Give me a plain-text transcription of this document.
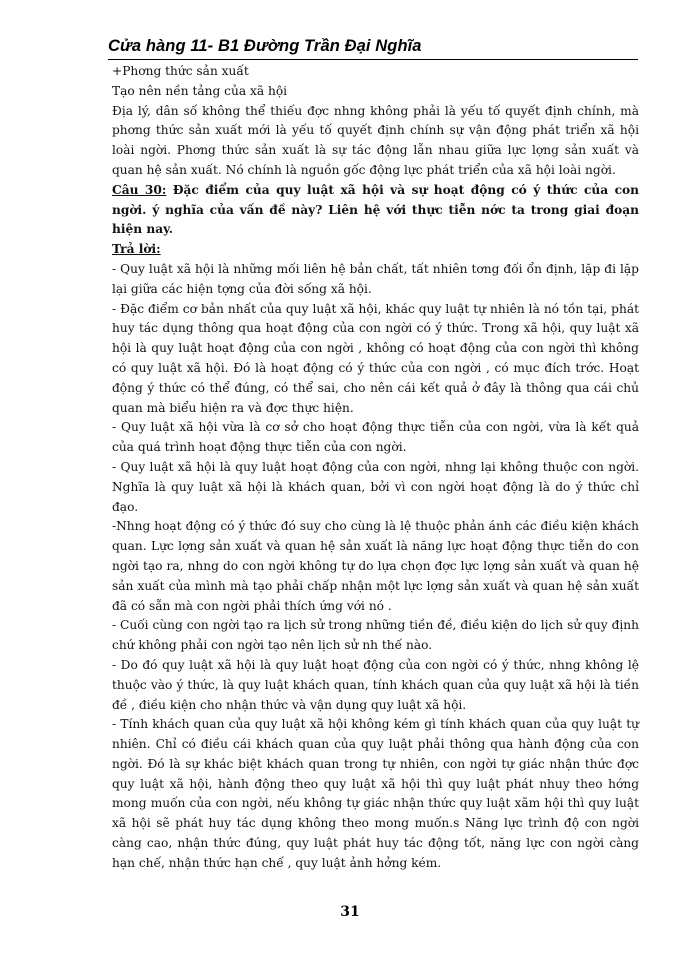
Cửa hàng 11- B1 Đường Trần Đại Nghĩa

+Phơng thức sản xuất

Tạo nên nền tảng của xã hội

Địa lý, dân số không thể thiếu đợc nhng không phải là yếu tố quyết định chính, mà phơng thức sản xuất mới là yếu tố quyết định chính sự vận động phát triển xã hội loài ngời. Phơng thức sản xuất là sự tác động lẫn nhau giữa lực lợng sản xuất và quan hệ sản xuất. Nó chính là nguồn gốc động lực phát triển của xã hội loài ngời.

Câu 30: Đặc điểm của quy luật xã hội và sự hoạt động có ý thức của con ngời. ý nghĩa của vấn đề này? Liên hệ với thực tiễn nớc ta trong giai đoạn hiện nay.

Trả lời:

- Quy luật xã hội là những mối liên hệ bản chất, tất nhiên tơng đối ổn định, lặp đi lặp lại giữa các hiện tợng của đời sống xã hội.

- Đặc điểm cơ bản nhất của quy luật xã hội, khác quy luật tự nhiên là nó tồn tại, phát huy tác dụng thông qua hoạt động của con ngời có ý thức. Trong xã hội, quy luật xã hội là quy luật hoạt động của con ngời , không có hoạt động của con ngời thì không có quy luật xã hội. Đó là hoạt động có ý thức của con ngời , có mục đích trớc. Hoạt động ý thức có thể đúng, có thể sai, cho nên cái kết quả ở đây là thông qua cái chủ quan mà biểu hiện ra và đợc thực hiện.

- Quy luật xã hội vừa là cơ sở cho hoạt động thực tiễn của con ngời, vừa là kết quả của quá trình hoạt động thực tiễn của con ngời.

- Quy luật xã hội là quy luật hoạt động của con ngời, nhng lại không thuộc con ngời. Nghĩa là quy luật xã hội là khách quan, bởi vì con ngời hoạt động là do ý thức chỉ đạo.

-Nhng hoạt động có ý thức đó suy cho cùng là lệ thuộc phản ánh các điều kiện khách quan. Lực lợng sản xuất và quan hệ sản xuất là năng lực hoạt động thực tiễn do con ngời tạo ra, nhng do con ngời không tự do lựa chọn đợc lực lợng sản xuất và quan hệ sản xuất của mình mà tạo phải chấp nhận một lực lợng sản xuất và quan hệ sản xuất đã có sẵn mà con ngời phải thích ứng với nó .

- Cuối cùng con ngời tạo ra lịch sử trong những tiền đề, điều kiện do lịch sử quy định chứ không phải con ngời tạo nên lịch sử nh thế nào.

- Do đó quy luật xã hội là quy luật hoạt động của con ngời có ý thức, nhng không lệ thuộc vào ý thức, là quy luật khách quan, tính khách quan của quy luật xã hội là tiền đề , điều kiện cho nhận thức và vận dụng quy luật xã hội.

- Tính khách quan của quy luật xã hội không kém gì tính khách quan của quy luật tự nhiên. Chỉ có điều cái khách quan của quy luật phải thông qua hành động của con ngời. Đó là sự khác biệt khách quan trong tự nhiên, con ngời tự giác nhận thức đợc quy luật xã hội, hành động theo quy luật xã hội thì quy luật phát nhuy theo hớng mong muốn của con ngời, nếu không tự giác nhận thức quy luật xãm hội thì quy luật xã hội sẽ phát huy tác dụng không theo mong muốn.s Năng lực trình độ con ngời càng cao, nhận thức đúng, quy luật phát huy tác động tốt, năng lực con ngời càng hạn chế, nhận thức hạn chế , quy luật ảnh hởng kém.

31
